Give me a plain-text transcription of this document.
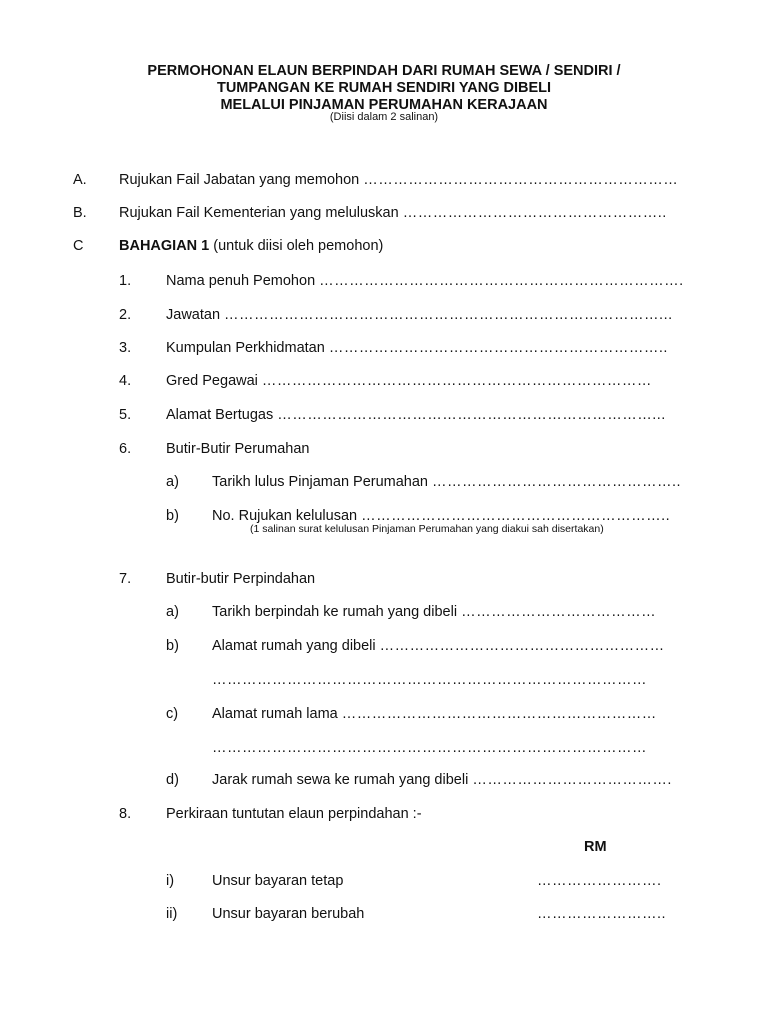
PERMOHONAN ELAUN BERPINDAH DARI RUMAH SEWA / SENDIRI /
TUMPANGAN KE RUMAH SENDIRI YANG DIBELI
MELALUI PINJAMAN PERUMAHAN KERAJAAN
(Diisi dalam 2 salinan)
A. Rujukan Fail Jabatan yang memohon ………………………………………………………
B. Rujukan Fail Kementerian yang meluluskan ……………………………………………..
C BAHAGIAN 1 (untuk diisi oleh pemohon)
1. Nama penuh Pemohon ……………………………………………………………….
2. Jawatan ……………………………………………………………………………...
3. Kumpulan Perkhidmatan …………………………………………………………..
4. Gred Pegawai ……………………………………………………………………
5. Alamat Bertugas …………………………………………………………………...
6. Butir-Butir Perumahan
a) Tarikh lulus Pinjaman Perumahan …………………………………………..
b) No. Rujukan kelulusan ……………………………………………………..
(1 salinan surat kelulusan Pinjaman Perumahan yang diakui sah disertakan)
7. Butir-butir Perpindahan
a) Tarikh berpindah ke rumah yang dibeli …………………………………
b) Alamat rumah yang dibeli …………………………………………………
……………………………………………………………………………
c) Alamat rumah lama ………………………………………………………
……………………………………………………………………………
d) Jarak rumah sewa ke rumah yang dibeli ………………………………….
8. Perkiraan tuntutan elaun perpindahan :-
RM
i)	Unsur bayaran tetap	…………………….
ii) Unsur bayaran berubah	……………………..
